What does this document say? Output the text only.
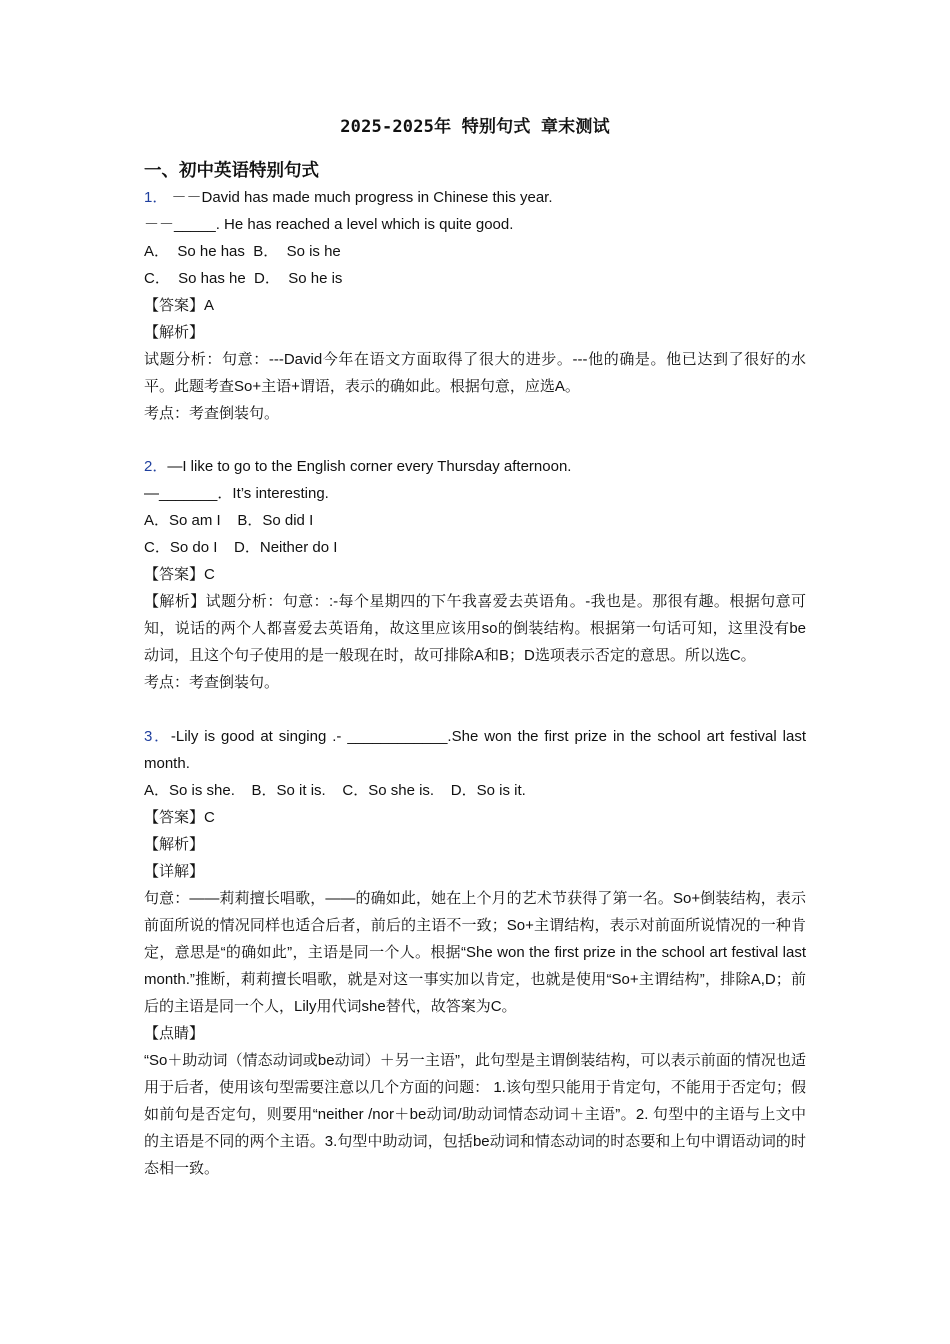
2025-2025年 特别句式 章末测试

一、初中英语特别句式

1． －－David has made much progress in Chinese this year.

－－_____. He has reached a level which is quite good.

A．  So he has  B．  So is he

C．  So has he  D．  So he is

【答案】A

【解析】

试题分析：句意：---David今年在语文方面取得了很大的进步。---他的确是。他已达到了很好的水平。此题考查So+主语+谓语，表示的确如此。根据句意，应选A。

考点：考查倒装句。

2．—I like to go to the English corner every Thursday afternoon.

—_______．It’s interesting.

A．So am I    B．So did I

C．So do I    D．Neither do I

【答案】C

【解析】试题分析：句意：:-每个星期四的下午我喜爱去英语角。-我也是。那很有趣。根据句意可知，说话的两个人都喜爱去英语角，故这里应该用so的倒装结构。根据第一句话可知，这里没有be动词，且这个句子使用的是一般现在时，故可排除A和B；D选项表示否定的意思。所以选C。

考点：考查倒装句。

3．-Lily is good at singing .- ____________.She won the first prize in the school art festival last month.

A．So is she.    B．So it is.    C．So she is.    D．So is it.

【答案】C

【解析】

【详解】

句意：——莉莉擅长唱歌，——的确如此，她在上个月的艺术节获得了第一名。So+倒装结构，表示前面所说的情况同样也适合后者，前后的主语不一致；So+主谓结构，表示对前面所说情况的一种肯定，意思是“的确如此”，主语是同一个人。根据“She won the first prize in the school art festival last month.”推断，莉莉擅长唱歌，就是对这一事实加以肯定，也就是使用“So+主谓结构”，排除A,D；前后的主语是同一个人，Lily用代词she替代，故答案为C。

【点睛】

“So＋助动词（情态动词或be动词）＋另一主语”，此句型是主谓倒装结构，可以表示前面的情况也适用于后者，使用该句型需要注意以几个方面的问题： 1.该句型只能用于肯定句，不能用于否定句；假如前句是否定句，则要用“neither /nor＋be动词/助动词情态动词＋主语”。2. 句型中的主语与上文中的主语是不同的两个主语。3.句型中助动词，包括be动词和情态动词的时态要和上句中谓语动词的时态相一致。
